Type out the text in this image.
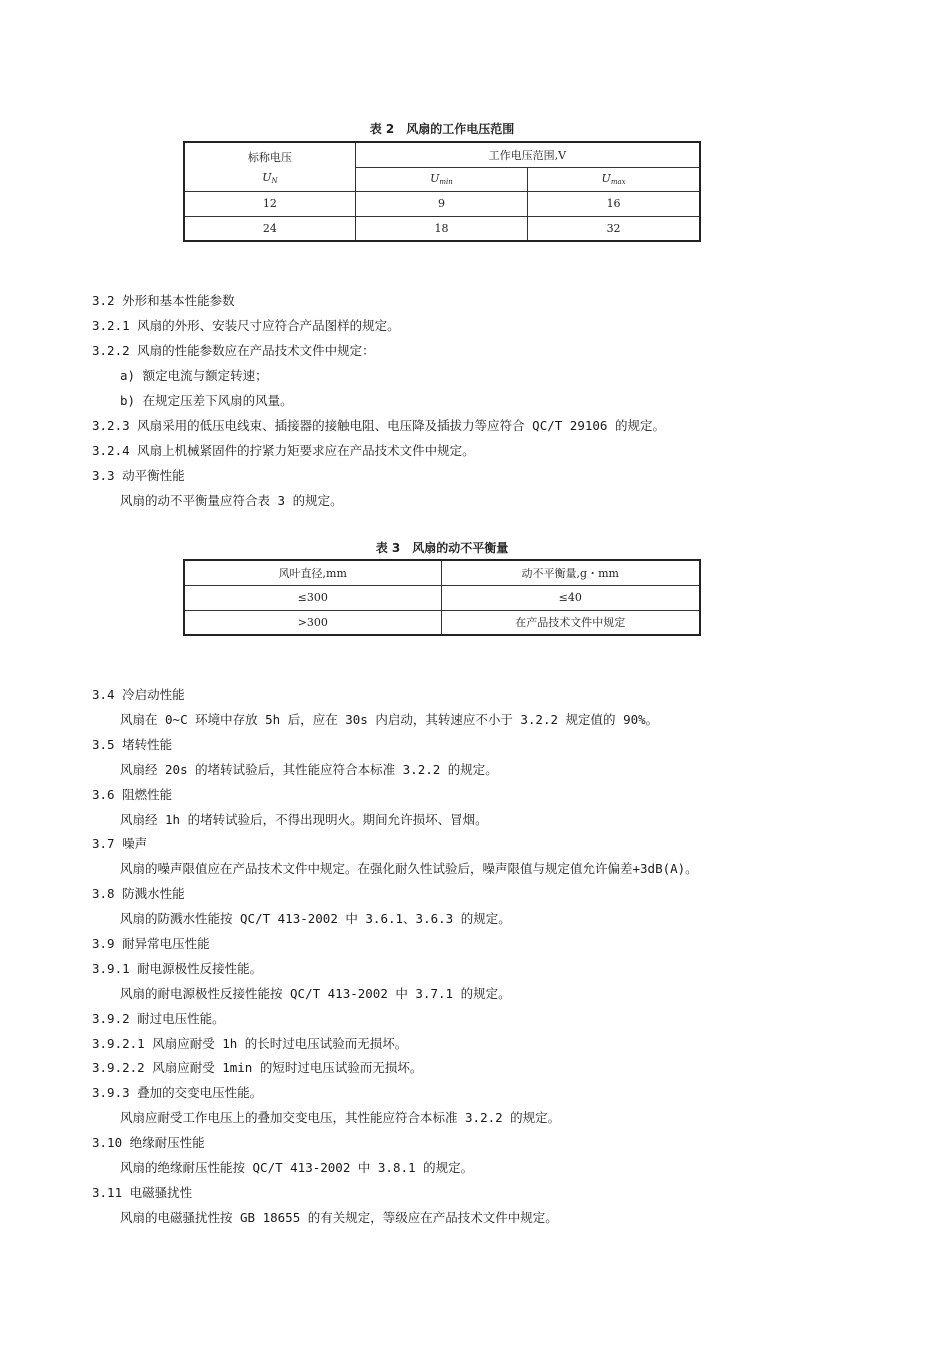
表 2　风扇的工作电压范围
标称电压
$U_N$	工作电压范围,V	
	$U_{min}$	$U_{max}$
12	9	16
24	18	32
3.2 外形和基本性能参数
3.2.1 风扇的外形、安装尺寸应符合产品图样的规定。
3.2.2 风扇的性能参数应在产品技术文件中规定：
a) 额定电流与额定转速；
b) 在规定压差下风扇的风量。
3.2.3 风扇采用的低压电线束、插接器的接触电阻、电压降及插拔力等应符合 QC/T 29106 的规定。
3.2.4 风扇上机械紧固件的拧紧力矩要求应在产品技术文件中规定。
3.3 动平衡性能
风扇的动不平衡量应符合表 3 的规定。
表 3　风扇的动不平衡量
风叶直径,mm	动不平衡量,g・mm
≤300	≤40
>300	在产品技术文件中规定
3.4 冷启动性能
风扇在 0~C 环境中存放 5h 后，应在 30s 内启动，其转速应不小于 3.2.2 规定值的 90%。
3.5 堵转性能
风扇经 20s 的堵转试验后，其性能应符合本标准 3.2.2 的规定。
3.6 阻燃性能
风扇经 1h 的堵转试验后，不得出现明火。期间允许损坏、冒烟。
3.7 噪声
风扇的噪声限值应在产品技术文件中规定。在强化耐久性试验后，噪声限值与规定值允许偏差+3dB(A)。
3.8 防溅水性能
风扇的防溅水性能按 QC/T 413-2002 中 3.6.1、3.6.3 的规定。
3.9 耐异常电压性能
3.9.1 耐电源极性反接性能。
风扇的耐电源极性反接性能按 QC/T 413-2002 中 3.7.1 的规定。
3.9.2 耐过电压性能。
3.9.2.1 风扇应耐受 1h 的长时过电压试验而无损坏。
3.9.2.2 风扇应耐受 1min 的短时过电压试验而无损坏。
3.9.3 叠加的交变电压性能。
风扇应耐受工作电压上的叠加交变电压，其性能应符合本标准 3.2.2 的规定。
3.10 绝缘耐压性能
风扇的绝缘耐压性能按 QC/T 413-2002 中 3.8.1 的规定。
3.11 电磁骚扰性
风扇的电磁骚扰性按 GB 18655 的有关规定，等级应在产品技术文件中规定。
